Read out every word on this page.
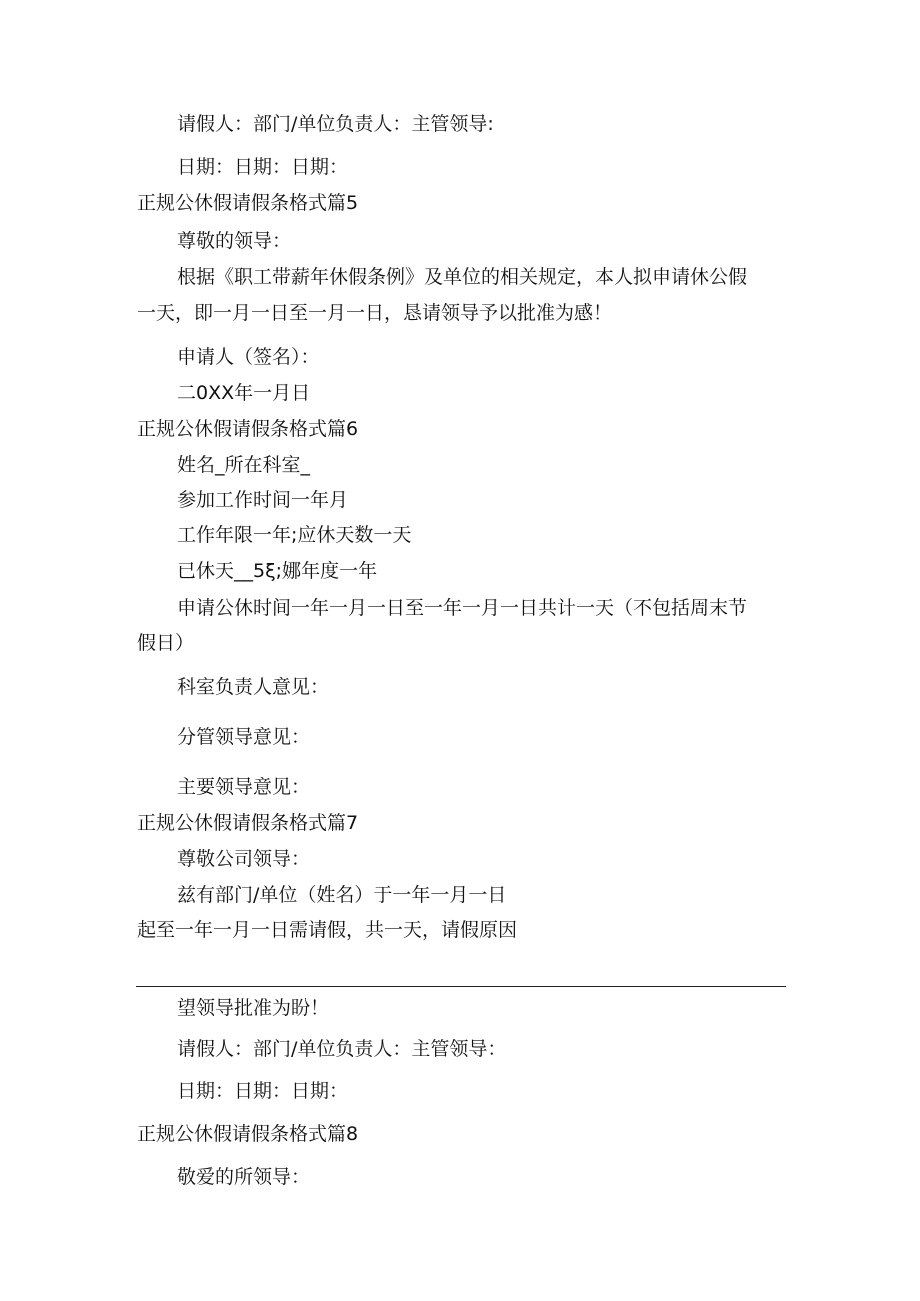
请假人：部门/单位负责人：主管领导:
日期：日期：日期：
正规公休假请假条格式篇5
尊敬的领导：
根据《职工带薪年休假条例》及单位的相关规定，本人拟申请休公假
一天，即一月一日至一月一日，恳请领导予以批准为感！
申请人（签名）：
二0XX年一月日
正规公休假请假条格式篇6
姓名_所在科室_
参加工作时间一年月
工作年限一年;应休天数一天
已休天__5ξ;娜年度一年
申请公休时间一年一月一日至一年一月一日共计一天（不包括周末节
假日）
科室负责人意见：
分管领导意见：
主要领导意见：
正规公休假请假条格式篇7
尊敬公司领导：
兹有部门/单位（姓名）于一年一月一日
起至一年一月一日需请假，共一天，请假原因
望领导批准为盼！
请假人：部门/单位负责人：主管领导：
日期：日期：日期：
正规公休假请假条格式篇8
敬爱的所领导：
